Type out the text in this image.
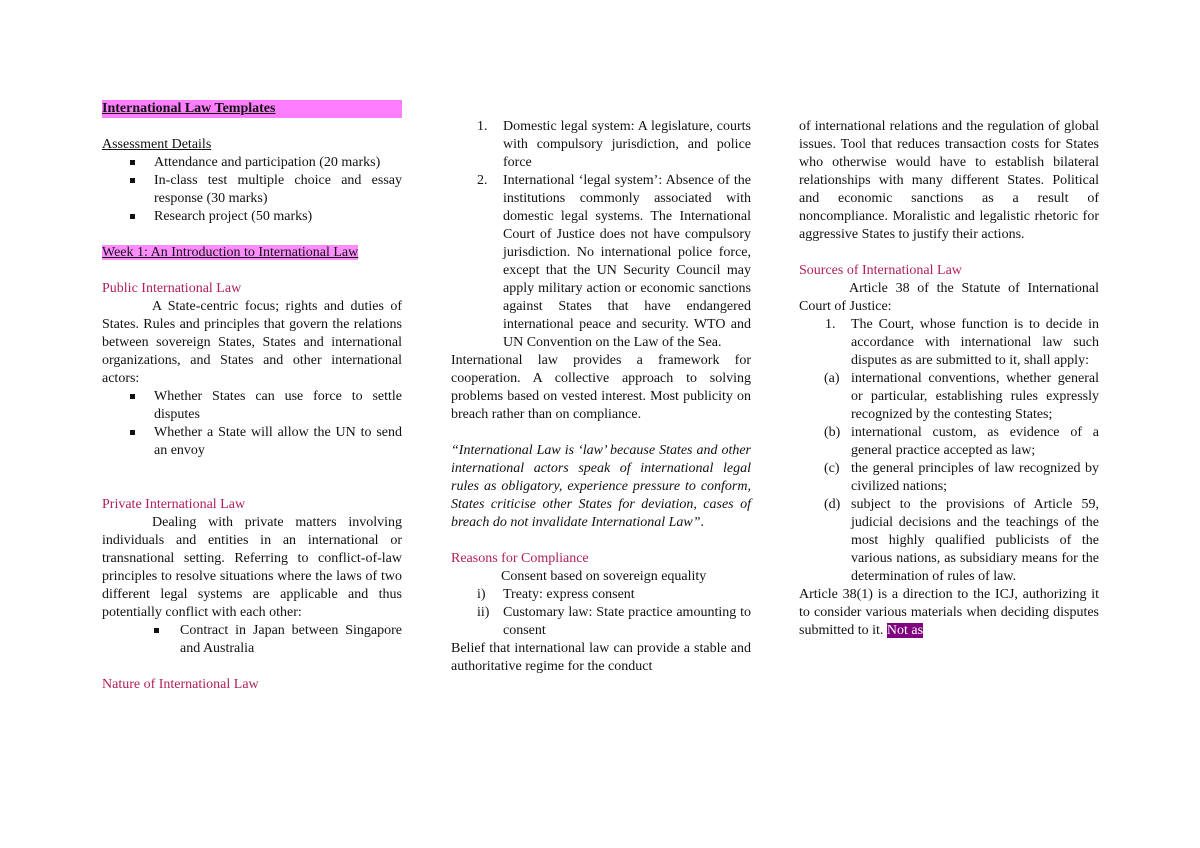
International Law Templates

Assessment Details

Attendance and participation (20 marks)
In-class test multiple choice and essay response (30 marks)
Research project (50 marks)

Week 1: An Introduction to International Law

Public International Law

A State-centric focus; rights and duties of States. Rules and principles that govern the relations between sovereign States, States and international organizations, and States and other international actors:

Whether States can use force to settle disputes
Whether a State will allow the UN to send an envoy

Private International Law

Dealing with private matters involving individuals and entities in an international or transnational setting. Referring to conflict-of-law principles to resolve situations where the laws of two different legal systems are applicable and thus potentially conflict with each other:

Contract in Japan between Singapore and Australia

Nature of International Law

1. Domestic legal system: A legislature, courts with compulsory jurisdiction, and police force
2. International ‘legal system’: Absence of the institutions commonly associated with domestic legal systems. The International Court of Justice does not have compulsory jurisdiction. No international police force, except that the UN Security Council may apply military action or economic sanctions against States that have endangered international peace and security. WTO and UN Convention on the Law of the Sea.

International law provides a framework for cooperation. A collective approach to solving problems based on vested interest. Most publicity on breach rather than on compliance.

“International Law is ‘law’ because States and other international actors speak of international legal rules as obligatory, experience pressure to conform, States criticise other States for deviation, cases of breach do not invalidate International Law”.

Reasons for Compliance

Consent based on sovereign equality

i) Treaty: express consent
ii) Customary law: State practice amounting to consent

Belief that international law can provide a stable and authoritative regime for the conduct

of international relations and the regulation of global issues. Tool that reduces transaction costs for States who otherwise would have to establish bilateral relationships with many different States. Political and economic sanctions as a result of noncompliance. Moralistic and legalistic rhetoric for aggressive States to justify their actions.

Sources of International Law

Article 38 of the Statute of International Court of Justice:

1. The Court, whose function is to decide in accordance with international law such disputes as are submitted to it, shall apply:
(a) international conventions, whether general or particular, establishing rules expressly recognized by the contesting States;
(b) international custom, as evidence of a general practice accepted as law;
(c) the general principles of law recognized by civilized nations;
(d) subject to the provisions of Article 59, judicial decisions and the teachings of the most highly qualified publicists of the various nations, as subsidiary means for the determination of rules of law.

Article 38(1) is a direction to the ICJ, authorizing it to consider various materials when deciding disputes submitted to it. Not as
